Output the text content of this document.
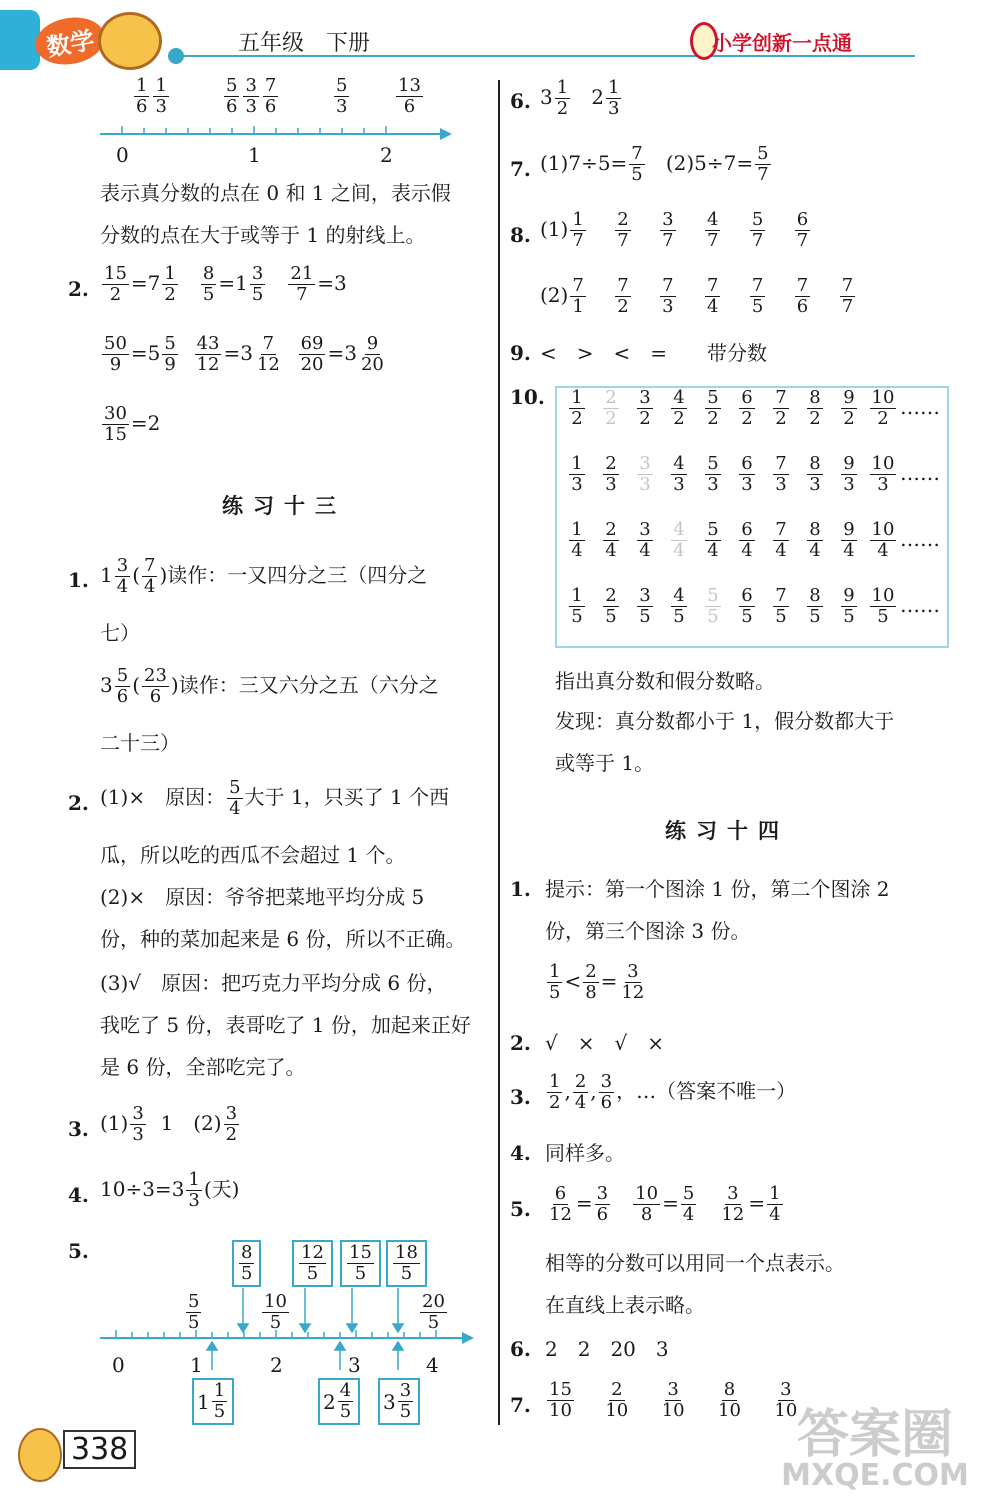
数学	五年级　 下册	小学创新一点通
$\frac{1}{6} \frac{1}{3}$	$\frac{5}{6} \frac{3}{3} \frac{7}{6}$	$\frac{5}{3}$	$\frac{13}{6}$
0	1	2
表示真分数的点在 0 和 1 之间，表示假
分数的点在大于或等于 1 的射线上。
2. $\frac{15}{2} =7 \frac{1}{2}$
$\frac{8}{5} =1 \frac{3}{5}$
$\frac{21}{7} =3$
$\frac{50}{9} =5 \frac{5}{9}$
$\frac{43}{12} =3 \frac{7}{12}$
$\frac{69}{20} =3 \frac{9}{20}$
$\frac{30}{15} =2$
练习十三
1. $1 \frac{3}{4}$ ( $\frac{7}{4}$ )读作：一又四分之三（四分之
七）
$3 \frac{5}{6}$ ( $\frac{23}{6}$ )读作：三又六分之五（六分之
二十三）
2. (1)×　原因： $\frac{5}{4}$ 大于 1，只买了 1 个西
瓜，所以吃的西瓜不会超过 1 个。
(2)×　原因：爷爷把菜地平均分成 5
份，种的菜加起来是 6 份，所以不正确。
(3)√　原因：把巧克力平均分成 6 份，
我吃了 5 份，表哥吃了 1 份，加起来正好
是 6 份，全部吃完了。
3. $(1) \frac{3}{3} 1$　$(2) \frac{3}{2}$
4. $10\div 3=3 \frac{1}{3}$ (天)
5.	8
5
12
5
15
5
18
5
$\frac{5}{5}$	$\frac{10}{5}$	$\frac{20}{5}$
0	1	2	3	4
1 1
5	2 4
5 3 3
5
6. $3 \frac{1}{2} 2 \frac{1}{3}$
7. $(1)7\div 5= \frac{7}{5} (2)5\div 7= \frac{5}{7}$
8. $(1) \frac{1}{7}$
$\frac{2}{7}$
$\frac{3}{7}$
$\frac{4}{7}$
$\frac{5}{7}$
$\frac{6}{7}$
$(2) \frac{7}{1}$
$\frac{7}{2}$
$\frac{7}{3}$
$\frac{7}{4}$
$\frac{7}{5}$
$\frac{7}{6}$
$\frac{7}{7}$
9. <　>　<　=　　带分数
10. $\frac{1}{2} \frac{2}{2} \frac{3}{2} \frac{4}{2} \frac{5}{2} \frac{6}{2} \frac{7}{2} \frac{8}{2} \frac{9}{2} \frac{10}{2}$ ……
$\frac{1}{3} \frac{2}{3} \frac{3}{3} \frac{4}{3} \frac{5}{3} \frac{6}{3} \frac{7}{3} \frac{8}{3} \frac{9}{3} \frac{10}{3}$ ……
$\frac{1}{4} \frac{2}{4} \frac{3}{4} \frac{4}{4} \frac{5}{4} \frac{6}{4} \frac{7}{4} \frac{8}{4} \frac{9}{4} \frac{10}{4}$ ……
$\frac{1}{5} \frac{2}{5} \frac{3}{5} \frac{4}{5} \frac{5}{5} \frac{6}{5} \frac{7}{5} \frac{8}{5} \frac{9}{5} \frac{10}{5}$ ……
指出真分数和假分数略。
发现：真分数都小于 1，假分数都大于
或等于 1。
练习十四
1. 提示：第一个图涂 1 份，第二个图涂 2
份，第三个图涂 3 份。
$\frac{1}{5} < \frac{2}{8} = \frac{3}{12}$
2. √　×　√　×
3. $\frac{1}{2}$ , $\frac{2}{4}$ , $\frac{3}{6}$ ，…（答案不唯一）
4. 同样多。
5. $\frac{6}{12} = \frac{3}{6}$
$\frac{10}{8} = \frac{5}{4}$
$\frac{3}{12} = \frac{1}{4}$
相等的分数可以用同一个点表示。
在直线上表示略。
6. 2　2　20　3
7. $\frac{15}{10}$
$\frac{2}{10}$
$\frac{3}{10}$
$\frac{8}{10}$
$\frac{3}{10}$
338	答案圈
MXQE.COM
